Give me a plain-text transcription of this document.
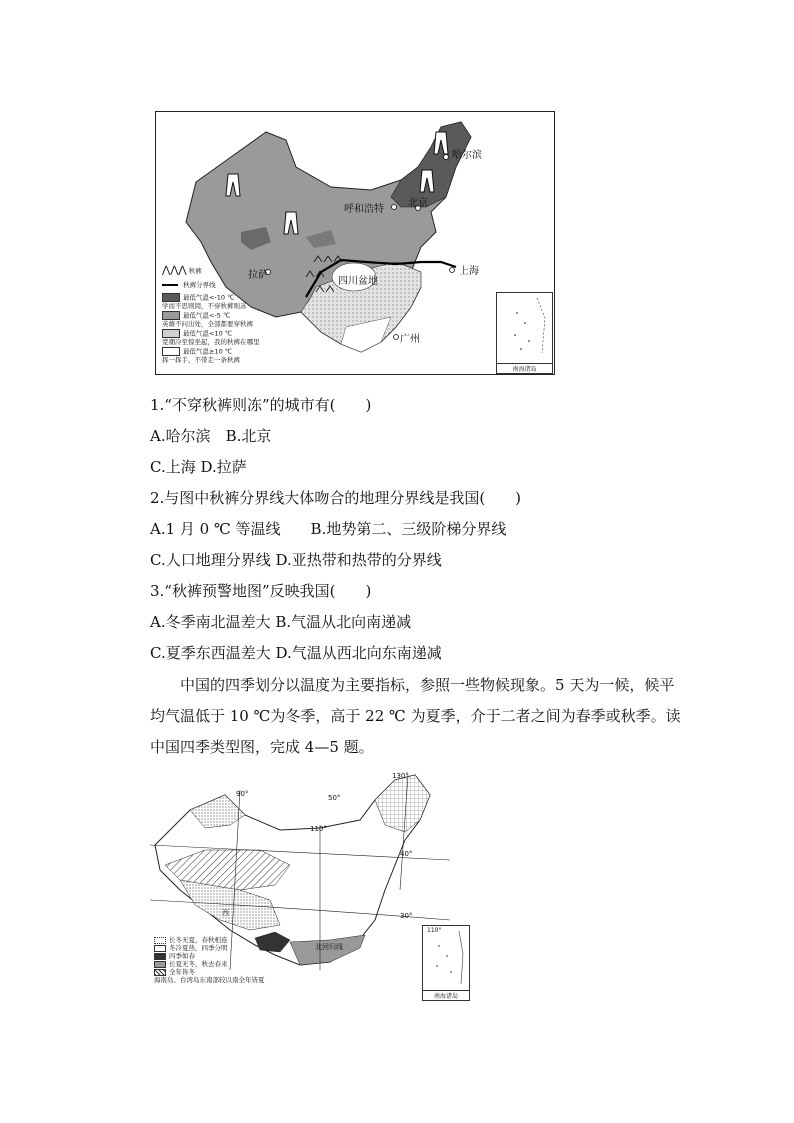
哈尔滨
呼和浩特
北京
拉萨
四川盆地
上海
广州
⋀⋀⋀ 秋裤
秋裤分界线
最低气温<-10 ℃
学而不思则罔，不穿秋裤则冻
最低气温<-5 ℃
英雄不问出处，全部都要穿秋裤
最低气温<10 ℃
宽潮冷至惊坐起，我的秋裤在哪里
最低气温≥10 ℃
挥一挥手，不带走一条秋裤
南海诸岛
1.“不穿秋裤则冻”的城市有(　　)
A.哈尔滨　B.北京
C.上海 D.拉萨
2.与图中秋裤分界线大体吻合的地理分界线是我国(　　)
A.1 月 0 ℃ 等温线　　B.地势第二、三级阶梯分界线
C.人口地理分界线 D.亚热带和热带的分界线
3.“秋裤预警地图”反映我国(　　)
A.冬季南北温差大 B.气温从北向南递减
C.夏季东西温差大 D.气温从西北向东南递减
　　中国的四季划分以温度为主要指标，参照一些物候现象。5 天为一候，候平
均气温低于 10 ℃为冬季，高于 22 ℃ 为夏季，介于二者之间为春季或秋季。读
中国四季类型图，完成 4—5 题。
130°
50°
90°
110°
40°
30°
西
北回归线
长冬无夏，春秋相连
冬冷夏热，四季分明
四季如春
长夏无冬，秋去春来
全年皆冬
海南岛、台湾岛东南部较以南全年皆夏
110°
南海诸岛
